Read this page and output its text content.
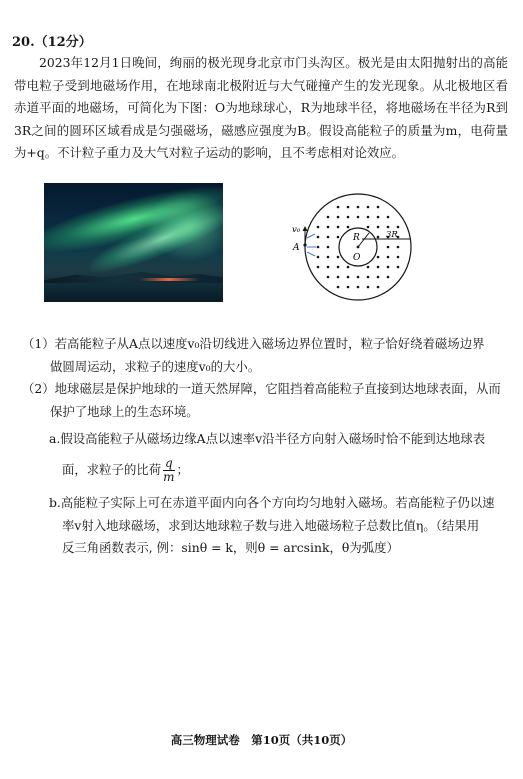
20.（12分）
2023年12月1日晚间，绚丽的极光现身北京市门头沟区。极光是由太阳抛射出的高能带电粒子受到地磁场作用，在地球南北极附近与大气碰撞产生的发光现象。从北极地区看赤道平面的地磁场，可简化为下图：O为地球球心，R为地球半径，将地磁场在半径为R到3R之间的圆环区域看成是匀强磁场，磁感应强度为B。假设高能粒子的质量为m，电荷量为+q。不计粒子重力及大气对粒子运动的影响，且不考虑相对论效应。
v₀
A
R
O
3R
（1）若高能粒子从A点以速度v₀沿切线进入磁场边界位置时，粒子恰好绕着磁场边界
做圆周运动，求粒子的速度v₀的大小。
（2）地球磁层是保护地球的一道天然屏障，它阻挡着高能粒子直接到达地球表面，从而
保护了地球上的生态环境。
a.假设高能粒子从磁场边缘A点以速率v沿半径方向射入磁场时恰不能到达地球表
面，求粒子的比荷 $\frac{q}{m}$ ；
b.高能粒子实际上可在赤道平面内向各个方向均匀地射入磁场。若高能粒子仍以速
率v射入地球磁场，求到达地球粒子数与进入地磁场粒子总数比值η。（结果用
反三角函数表示, 例：sinθ = k，则θ = arcsink，θ为弧度）
高三物理试卷　第10页（共10页）
